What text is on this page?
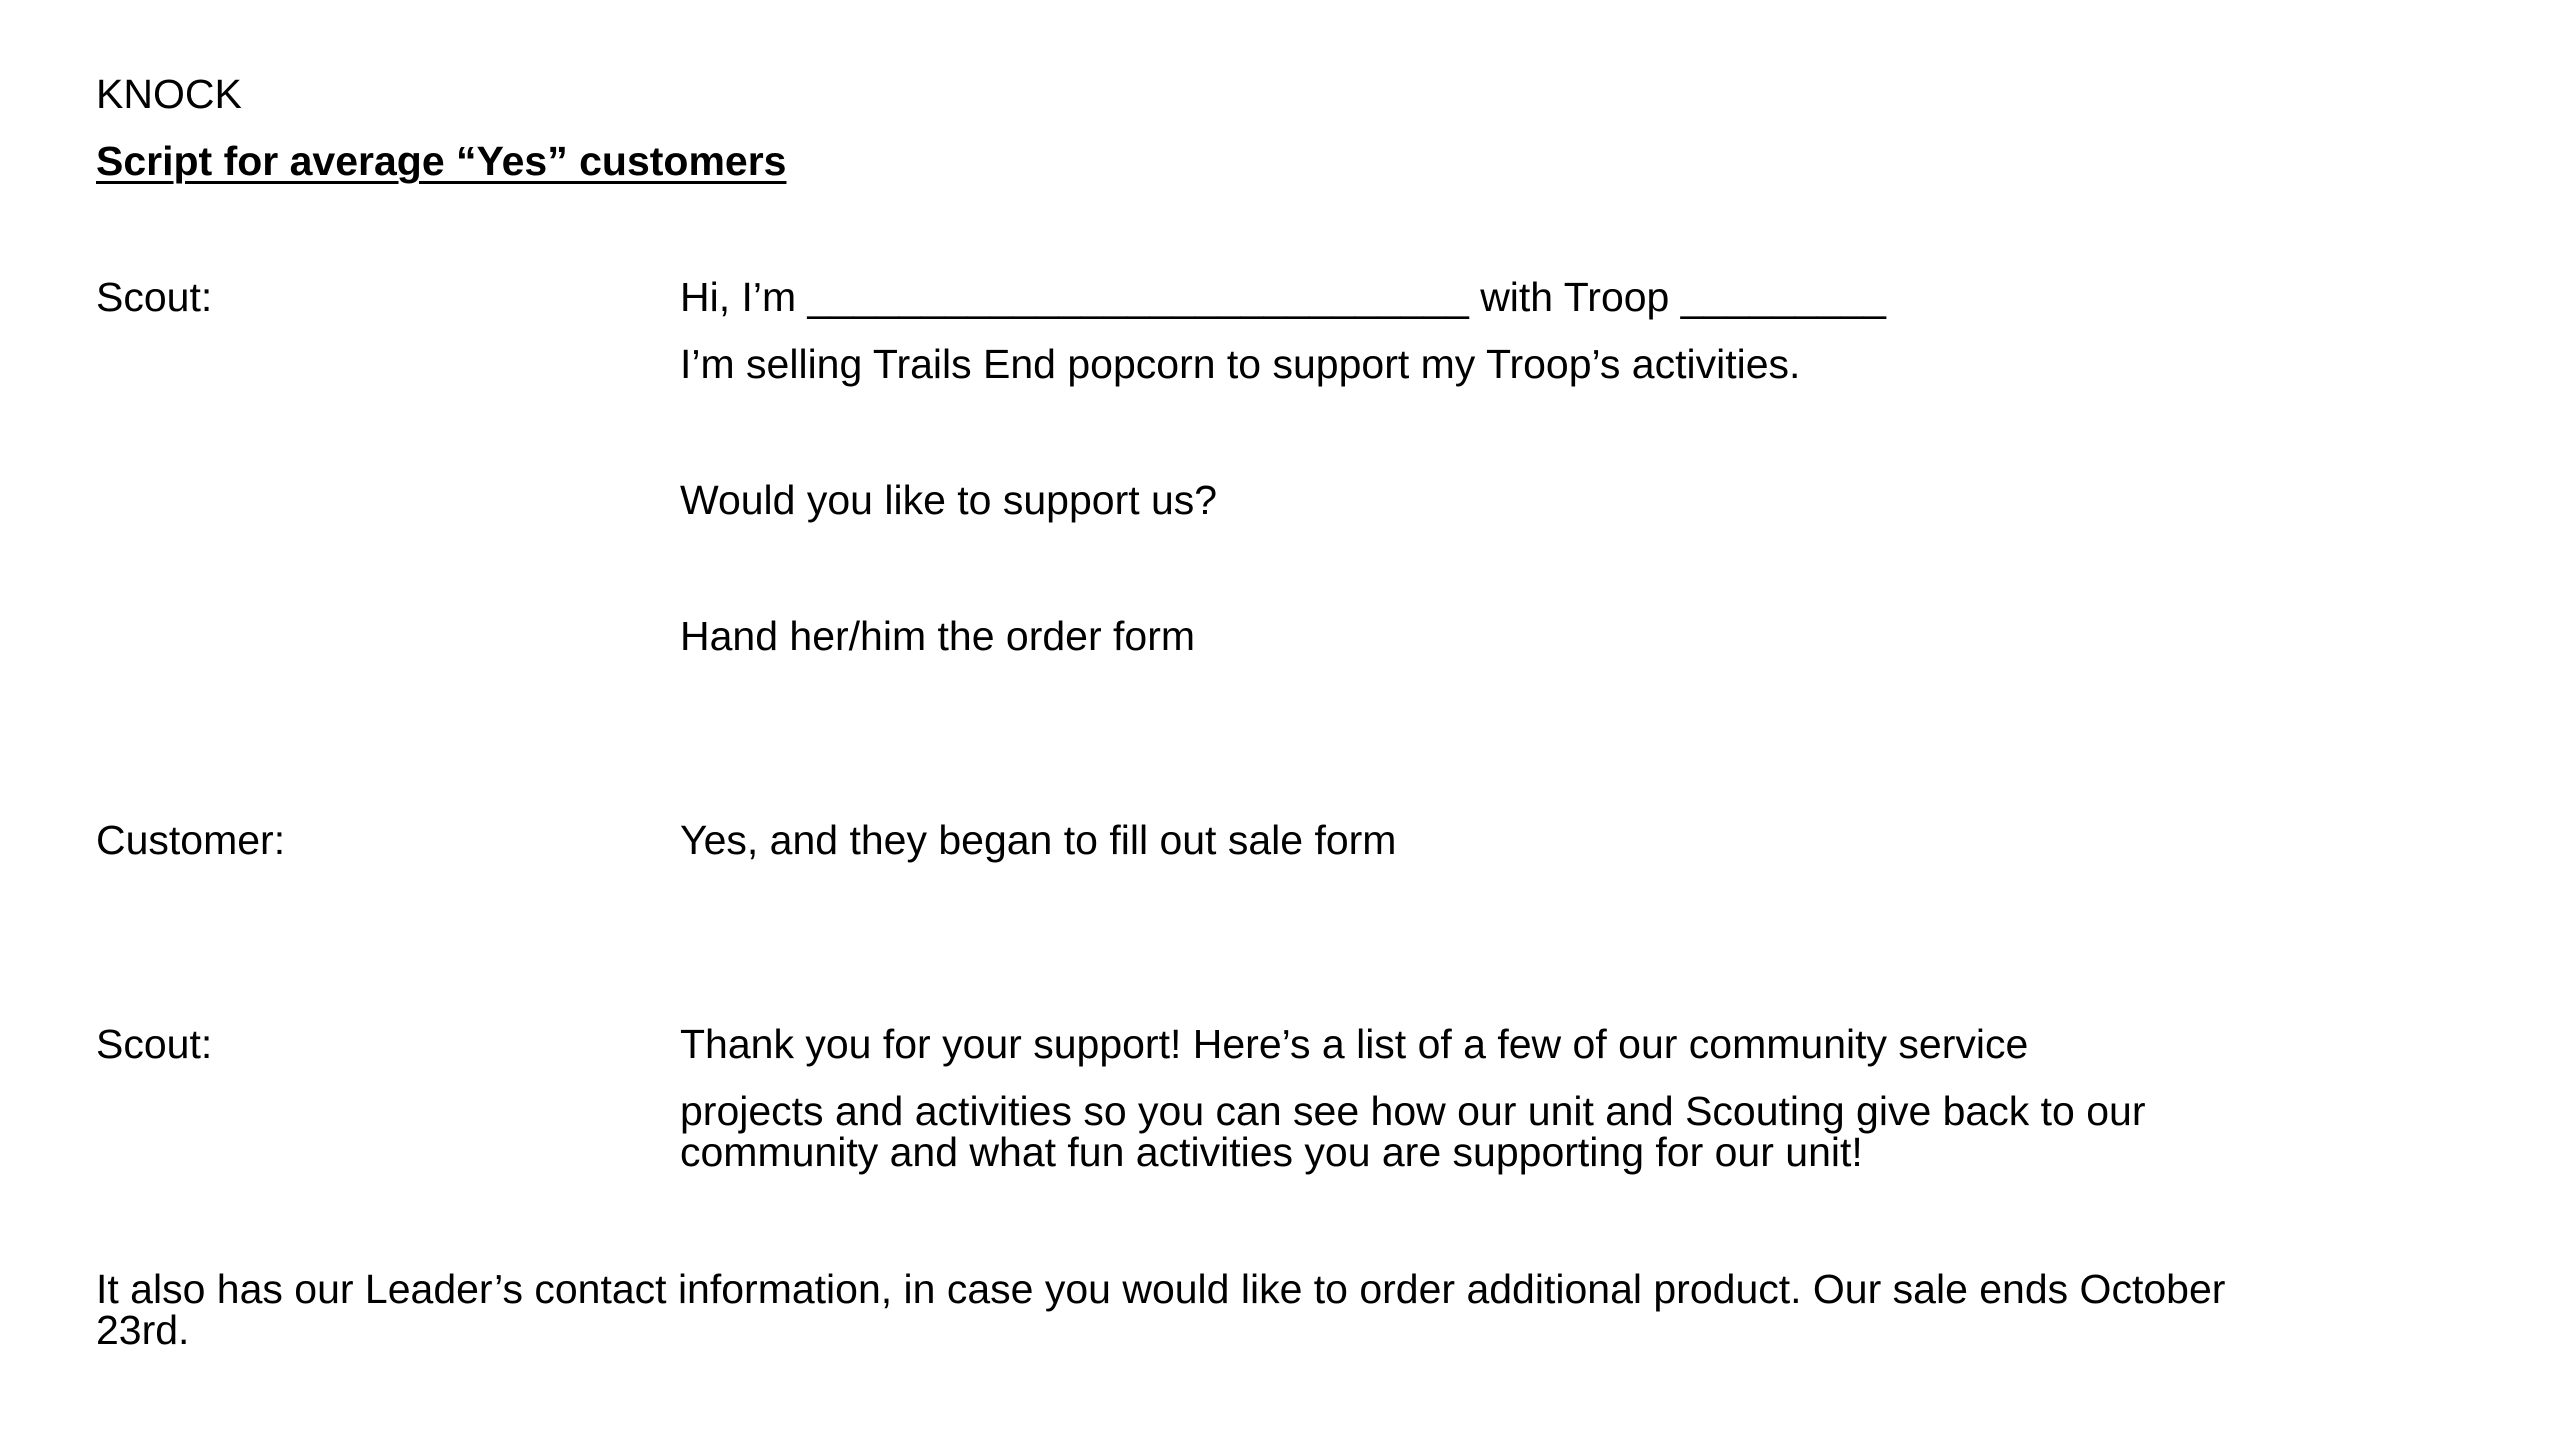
KNOCK
Script for average “Yes” customers
Scout:	Hi, I’m _____________________________ with Troop _________
I’m selling Trails End popcorn to support my Troop’s activities.
Would you like to support us?
Hand her/him the order form
Customer:	Yes, and they began to fill out sale form
Scout:	Thank you for your support! Here’s a list of a few of our community service
projects and activities so you can see how our unit and Scouting give back to our
community and what fun activities you are supporting for our unit!
It also has our Leader’s contact information, in case you would like to order additional product. Our sale ends October
23rd.
